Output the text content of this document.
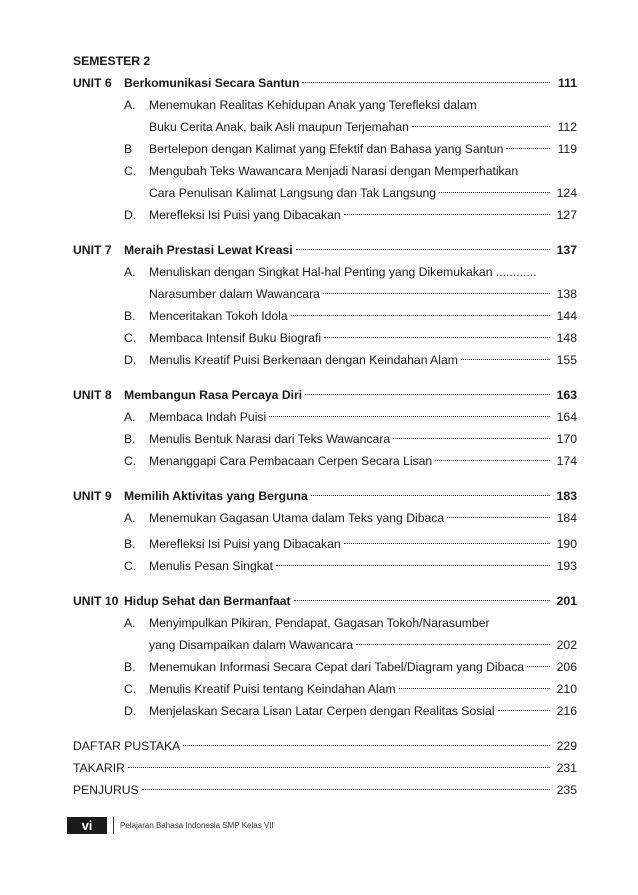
SEMESTER 2
UNIT 6 Berkomunikasi Secara Santun	111
A. Menemukan Realitas Kehidupan Anak yang Terefleksi dalam
Buku Cerita Anak, baik Asli maupun Terjemahan	112
B Bertelepon dengan Kalimat yang Efektif dan Bahasa yang Santun	119
C. Mengubah Teks Wawancara Menjadi Narasi dengan Memperhatikan
Cara Penulisan Kalimat Langsung dan Tak Langsung	124
D. Merefleksi Isi Puisi yang Dibacakan	127
UNIT 7 Meraih Prestasi Lewat Kreasi	137
A. Menuliskan dengan Singkat Hal-hal Penting yang Dikemukakan ............
Narasumber dalam Wawancara	138
B. Menceritakan Tokoh Idola	144
C. Membaca Intensif Buku Biografi	148
D. Menulis Kreatif Puisi Berkenaan dengan Keindahan Alam	155
UNIT 8 Membangun Rasa Percaya Diri	163
A. Membaca Indah Puisi	164
B. Menulis Bentuk Narasi dari Teks Wawancara	170
C. Menanggapi Cara Pembacaan Cerpen Secara Lisan	174
UNIT 9 Memilih Aktivitas yang Berguna	183
A. Menemukan Gagasan Utama dalam Teks yang Dibaca	184
B. Merefleksi Isi Puisi yang Dibacakan	190
C. Menulis Pesan Singkat	193
UNIT 10 Hidup Sehat dan Bermanfaat	201
A. Menyimpulkan Pikiran, Pendapat, Gagasan Tokoh/Narasumber
yang Disampaikan dalam Wawancara	202
B. Menemukan Informasi Secara Cepat dari Tabel/Diagram yang Dibaca	206
C. Menulis Kreatif Puisi tentang Keindahan Alam	210
D. Menjelaskan Secara Lisan Latar Cerpen dengan Realitas Sosial	216
DAFTAR PUSTAKA	229
TAKARIR	231
PENJURUS	235
vi	Pelajaran Bahasa Indonesia SMP Kelas VII
